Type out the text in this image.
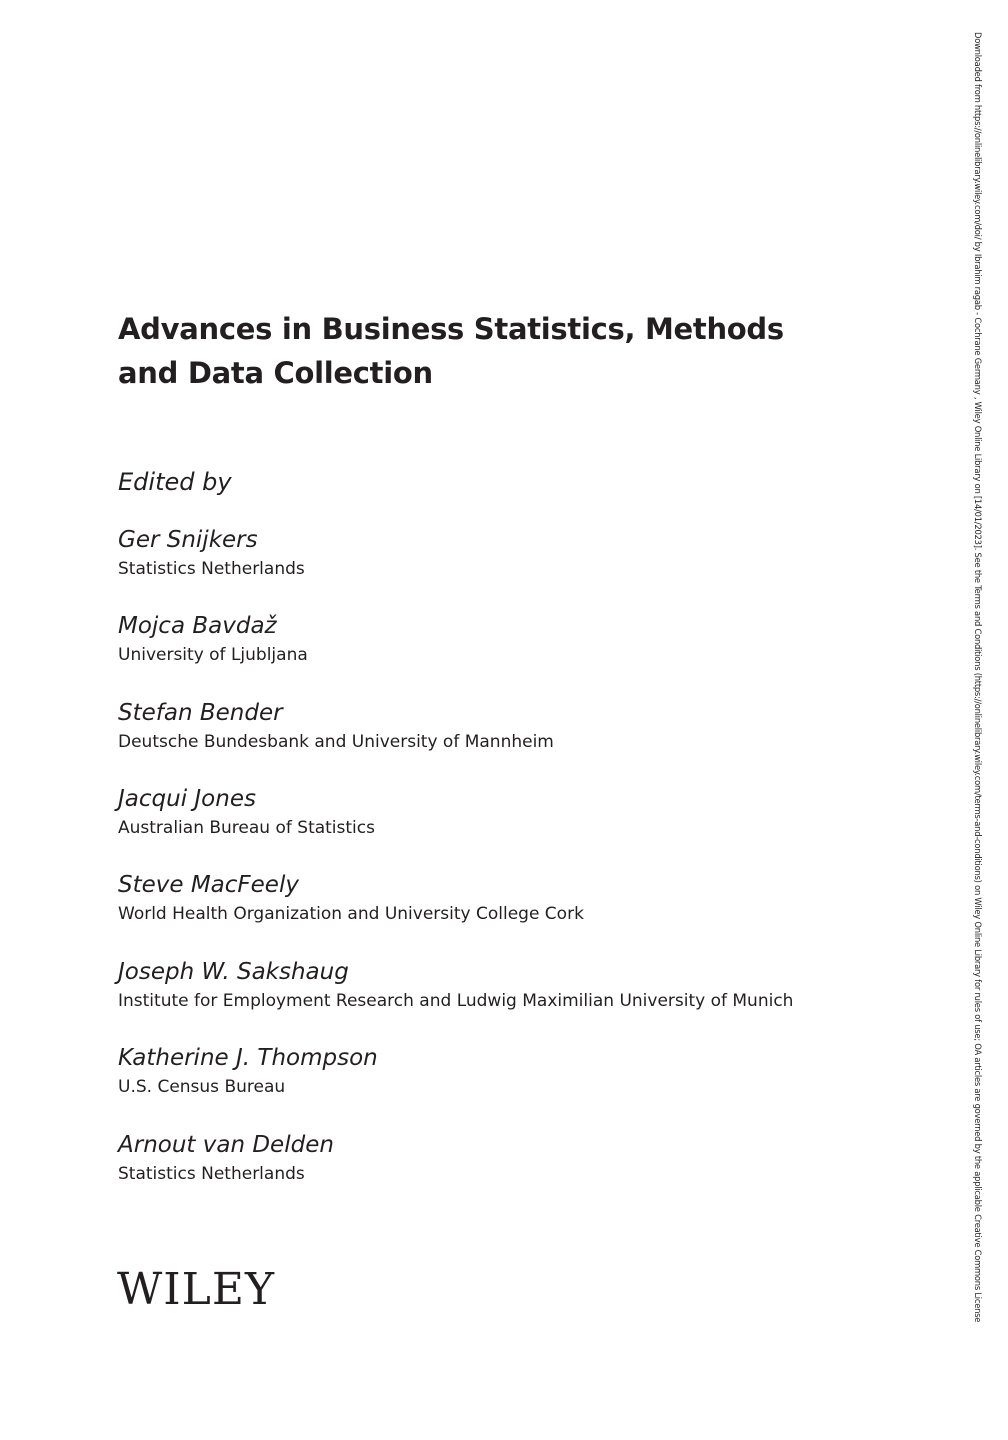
Advances in Business Statistics, Methods
and Data Collection
Edited by
Ger Snijkers
Statistics Netherlands
Mojca Bavdaž
University of Ljubljana
Stefan Bender
Deutsche Bundesbank and University of Mannheim
Jacqui Jones
Australian Bureau of Statistics
Steve MacFeely
World Health Organization and University College Cork
Joseph W. Sakshaug
Institute for Employment Research and Ludwig Maximilian University of Munich
Katherine J. Thompson
U.S. Census Bureau
Arnout van Delden
Statistics Netherlands
WILEY	Downloaded from https://onlinelibrary.wiley.com/doi/ by Ibrahim ragab - Cochrane Germany , Wiley Online Library on [14/01/2023]. See the Terms and Conditions (https://onlinelibrary.wiley.com/terms-and-conditions) on Wiley Online Library for rules of use; OA articles are governed by the applicable Creative Commons License
